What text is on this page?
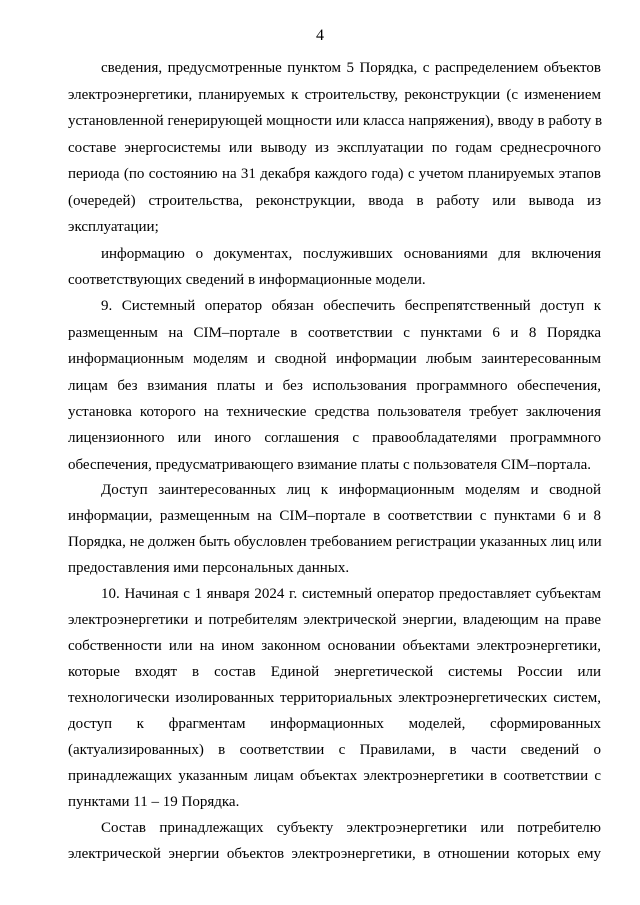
4
сведения, предусмотренные пунктом 5 Порядка, с распределением объектов
электроэнергетики, планируемых к строительству, реконструкции (с изменением
установленной генерирующей мощности или класса напряжения), вводу в работу в
составе энергосистемы или выводу из эксплуатации по годам среднесрочного
периода (по состоянию на 31 декабря каждого года) с учетом планируемых этапов
(очередей) строительства, реконструкции, ввода в работу или вывода из
эксплуатации;
информацию о документах, послуживших основаниями для включения
соответствующих сведений в информационные модели.
9. Системный оператор обязан обеспечить беспрепятственный доступ к
размещенным на CIM–портале в соответствии с пунктами 6 и 8 Порядка
информационным моделям и сводной информации любым заинтересованным
лицам без взимания платы и без использования программного обеспечения,
установка которого на технические средства пользователя требует заключения
лицензионного или иного соглашения с правообладателями программного
обеспечения, предусматривающего взимание платы с пользователя CIM–портала.
Доступ заинтересованных лиц к информационным моделям и сводной
информации, размещенным на CIM–портале в соответствии с пунктами 6 и 8
Порядка, не должен быть обусловлен требованием регистрации указанных лиц или
предоставления ими персональных данных.
10. Начиная с 1 января 2024 г. системный оператор предоставляет субъектам
электроэнергетики и потребителям электрической энергии, владеющим на праве
собственности или на ином законном основании объектами электроэнергетики,
которые входят в состав Единой энергетической системы России или
технологически изолированных территориальных электроэнергетических систем,
доступ к фрагментам информационных моделей, сформированных
(актуализированных) в соответствии с Правилами, в части сведений о
принадлежащих указанным лицам объектах электроэнергетики в соответствии с
пунктами 11 – 19 Порядка.
Состав принадлежащих субъекту электроэнергетики или потребителю
электрической энергии объектов электроэнергетики, в отношении которых ему
